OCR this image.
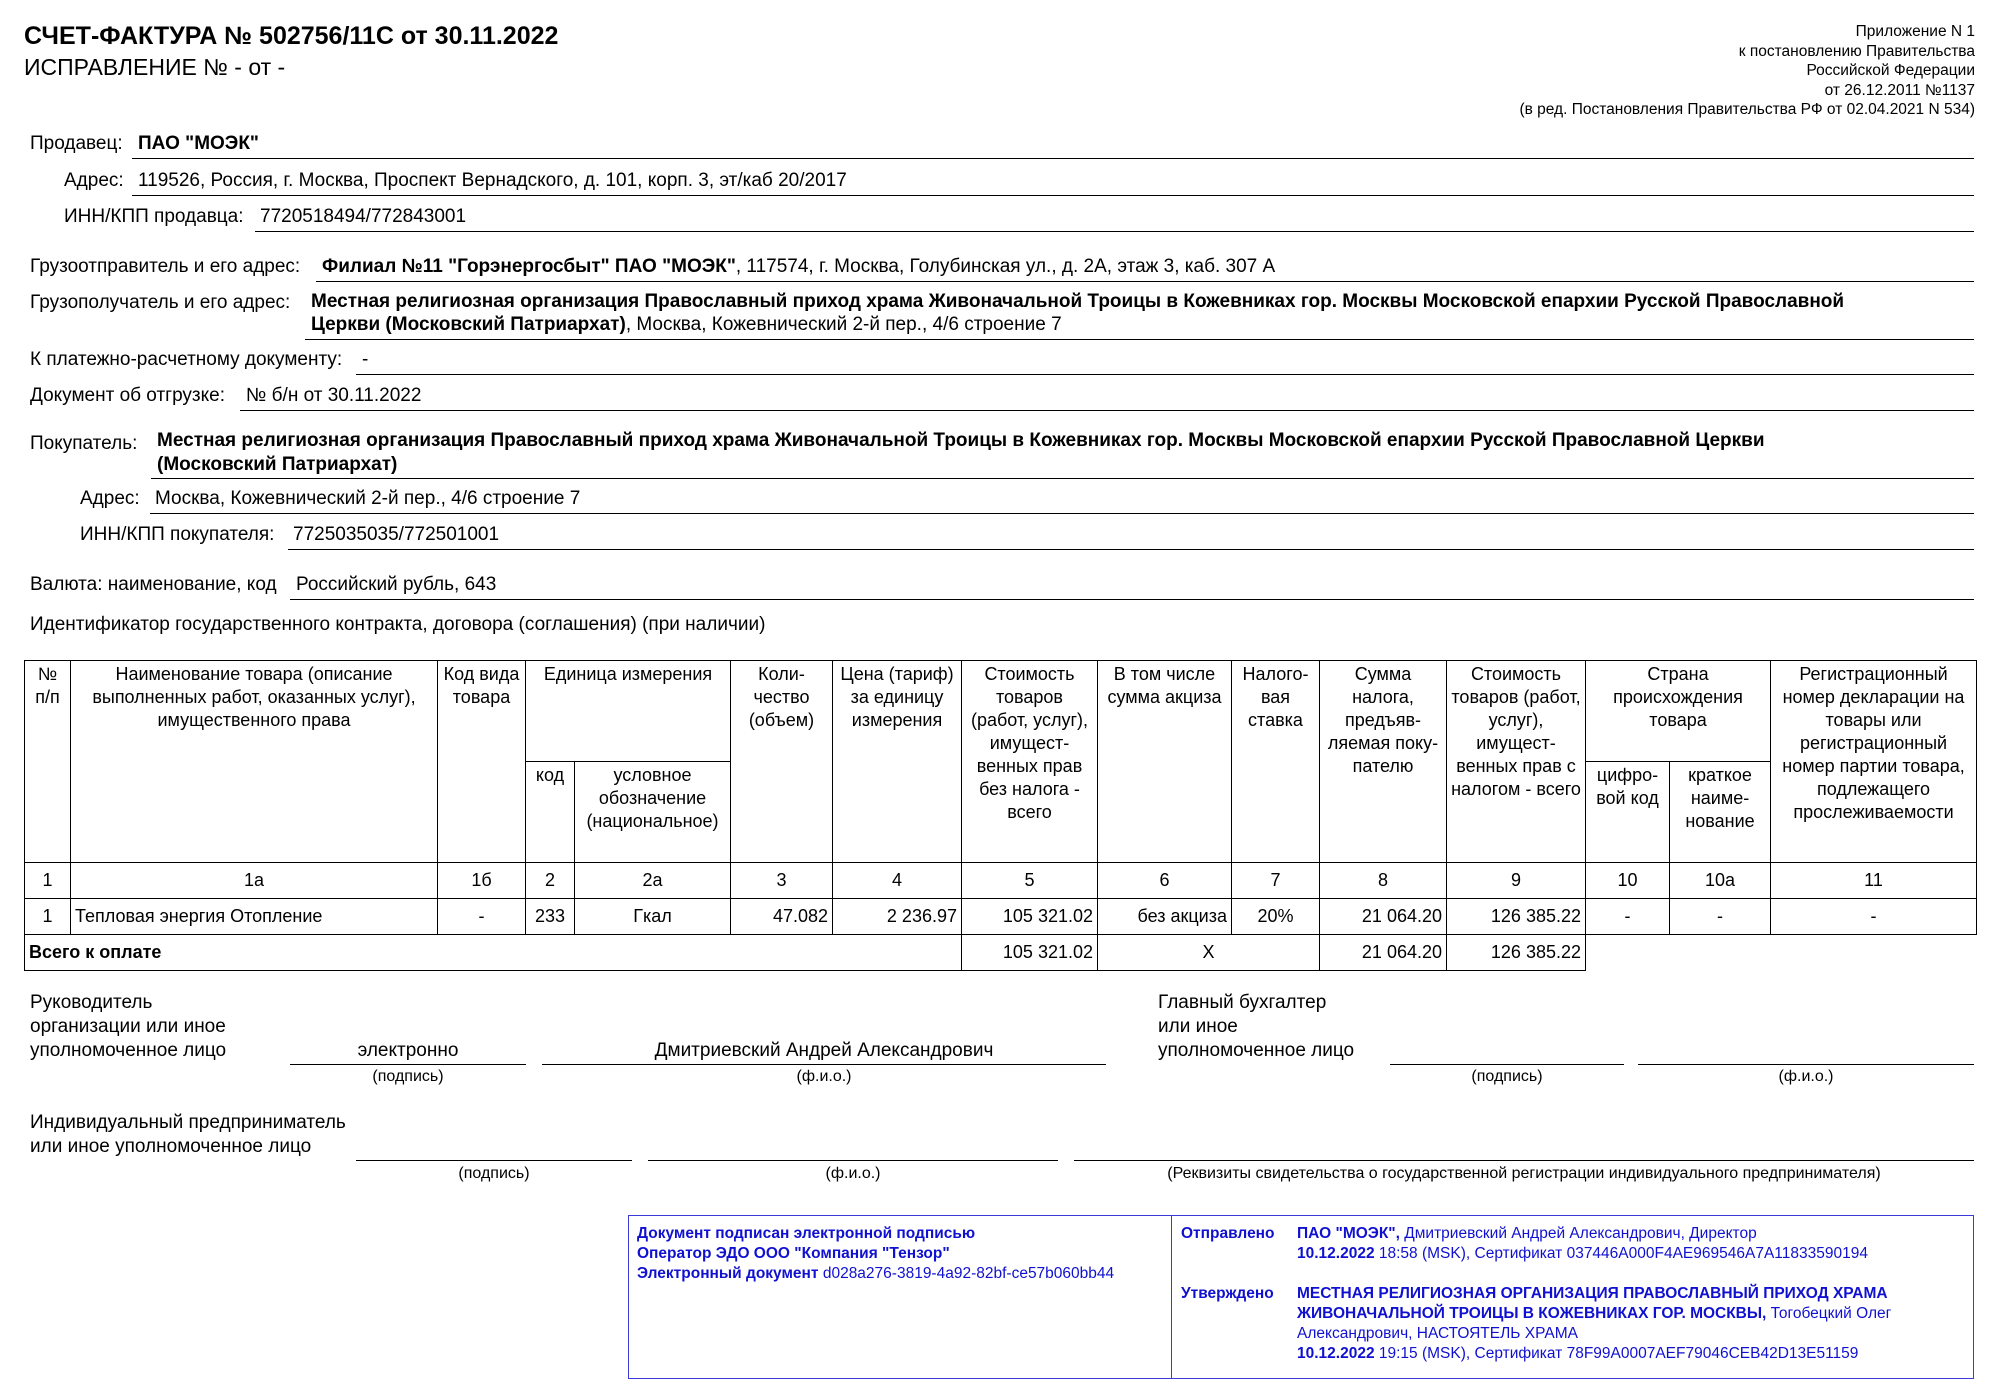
СЧЕТ-ФАКТУРА № 502756/11С от 30.11.2022
ИСПРАВЛЕНИЕ № - от -
Приложение N 1
к постановлению Правительства
Российской Федерации
от 26.12.2011 №1137
(в ред. Постановления Правительства РФ от 02.04.2021 N 534)
Продавец: ПАО "МОЭК"
Адрес: 119526, Россия, г. Москва, Проспект Вернадского, д. 101, корп. 3, эт/каб 20/2017
ИНН/КПП продавца: 7720518494/772843001
Грузоотправитель и его адрес: Филиал №11 "Горэнергосбыт" ПАО "МОЭК", 117574, г. Москва, Голубинская ул., д. 2А, этаж 3, каб. 307 А
Грузополучатель и его адрес: Местная религиозная организация Православный приход храма Живоначальной Троицы в Кожевниках гор. Москвы Московской епархии Русской Православной
Церкви (Московский Патриархат), Москва, Кожевнический 2-й пер., 4/6 строение 7
К платежно-расчетному документу: -
Документ об отгрузке: № б/н от 30.11.2022
Покупатель: Местная религиозная организация Православный приход храма Живоначальной Троицы в Кожевниках гор. Москвы Московской епархии Русской Православной Церкви
(Московский Патриархат)
Адрес: Москва, Кожевнический 2-й пер., 4/6 строение 7
ИНН/КПП покупателя: 7725035035/772501001
Валюта: наименование, код Российский рубль, 643
Идентификатор государственного контракта, договора (соглашения) (при наличии)
№ п/п	Наименование товара (описание выполненных работ, оказанных услуг), имущественного права	Код вида товара	Единица измерения		Коли-чество (объем)	Цена (тариф) за единицу измерения	Стоимость товаров (работ, услуг), имущест-венных прав без налога - всего	В том числе сумма акциза	Налого-вая ставка	Сумма налога, предъяв-ляемая поку-пателю	Стоимость товаров (работ, услуг), имущест-венных прав с налогом - всего	Страна происхождения товара		Регистрационный номер декларации на товары или регистрационный номер партии товара, подлежащего прослеживаемости
			код	условное обозначение (национальное)								цифро-вой код	краткое наиме-нование	
1	1а	1б	2	2а	3	4	5	6	7	8	9	10	10а	11
1	Тепловая энергия Отопление	-	233	Гкал	47.082	2 236.97	105 321.02	без акциза	20%	21 064.20	126 385.22	-	-	-
Всего к оплате							105 321.02	X		21 064.20	126 385.22			
Руководитель
организации или иное
уполномоченное лицо	электронно	Дмитриевский Андрей Александрович
(подпись)	(ф.и.о.)
Главный бухгалтер
или иное
уполномоченное лицо
(подпись)	(ф.и.о.)
Индивидуальный предприниматель
или иное уполномоченное лицо
(подпись)	(ф.и.о.)	(Реквизиты свидетельства о государственной регистрации индивидуального предпринимателя)
Документ подписан электронной подписью
Оператор ЭДО ООО "Компания "Тензор"
Электронный документ d028a276-3819-4a92-82bf-ce57b060bb44
Отправлено ПАО "МОЭК", Дмитриевский Андрей Александрович, Директор
10.12.2022 18:58 (MSK), Сертификат 037446A000F4AE969546A7A11833590194
Утверждено МЕСТНАЯ РЕЛИГИОЗНАЯ ОРГАНИЗАЦИЯ ПРАВОСЛАВНЫЙ ПРИХОД ХРАМА ЖИВОНАЧАЛЬНОЙ ТРОИЦЫ В КОЖЕВНИКАХ ГОР. МОСКВЫ, Тогобецкий Олег Александрович, НАСТОЯТЕЛЬ ХРАМА
10.12.2022 19:15 (MSK), Сертификат 78F99A0007AEF79046CEB42D13E51159
